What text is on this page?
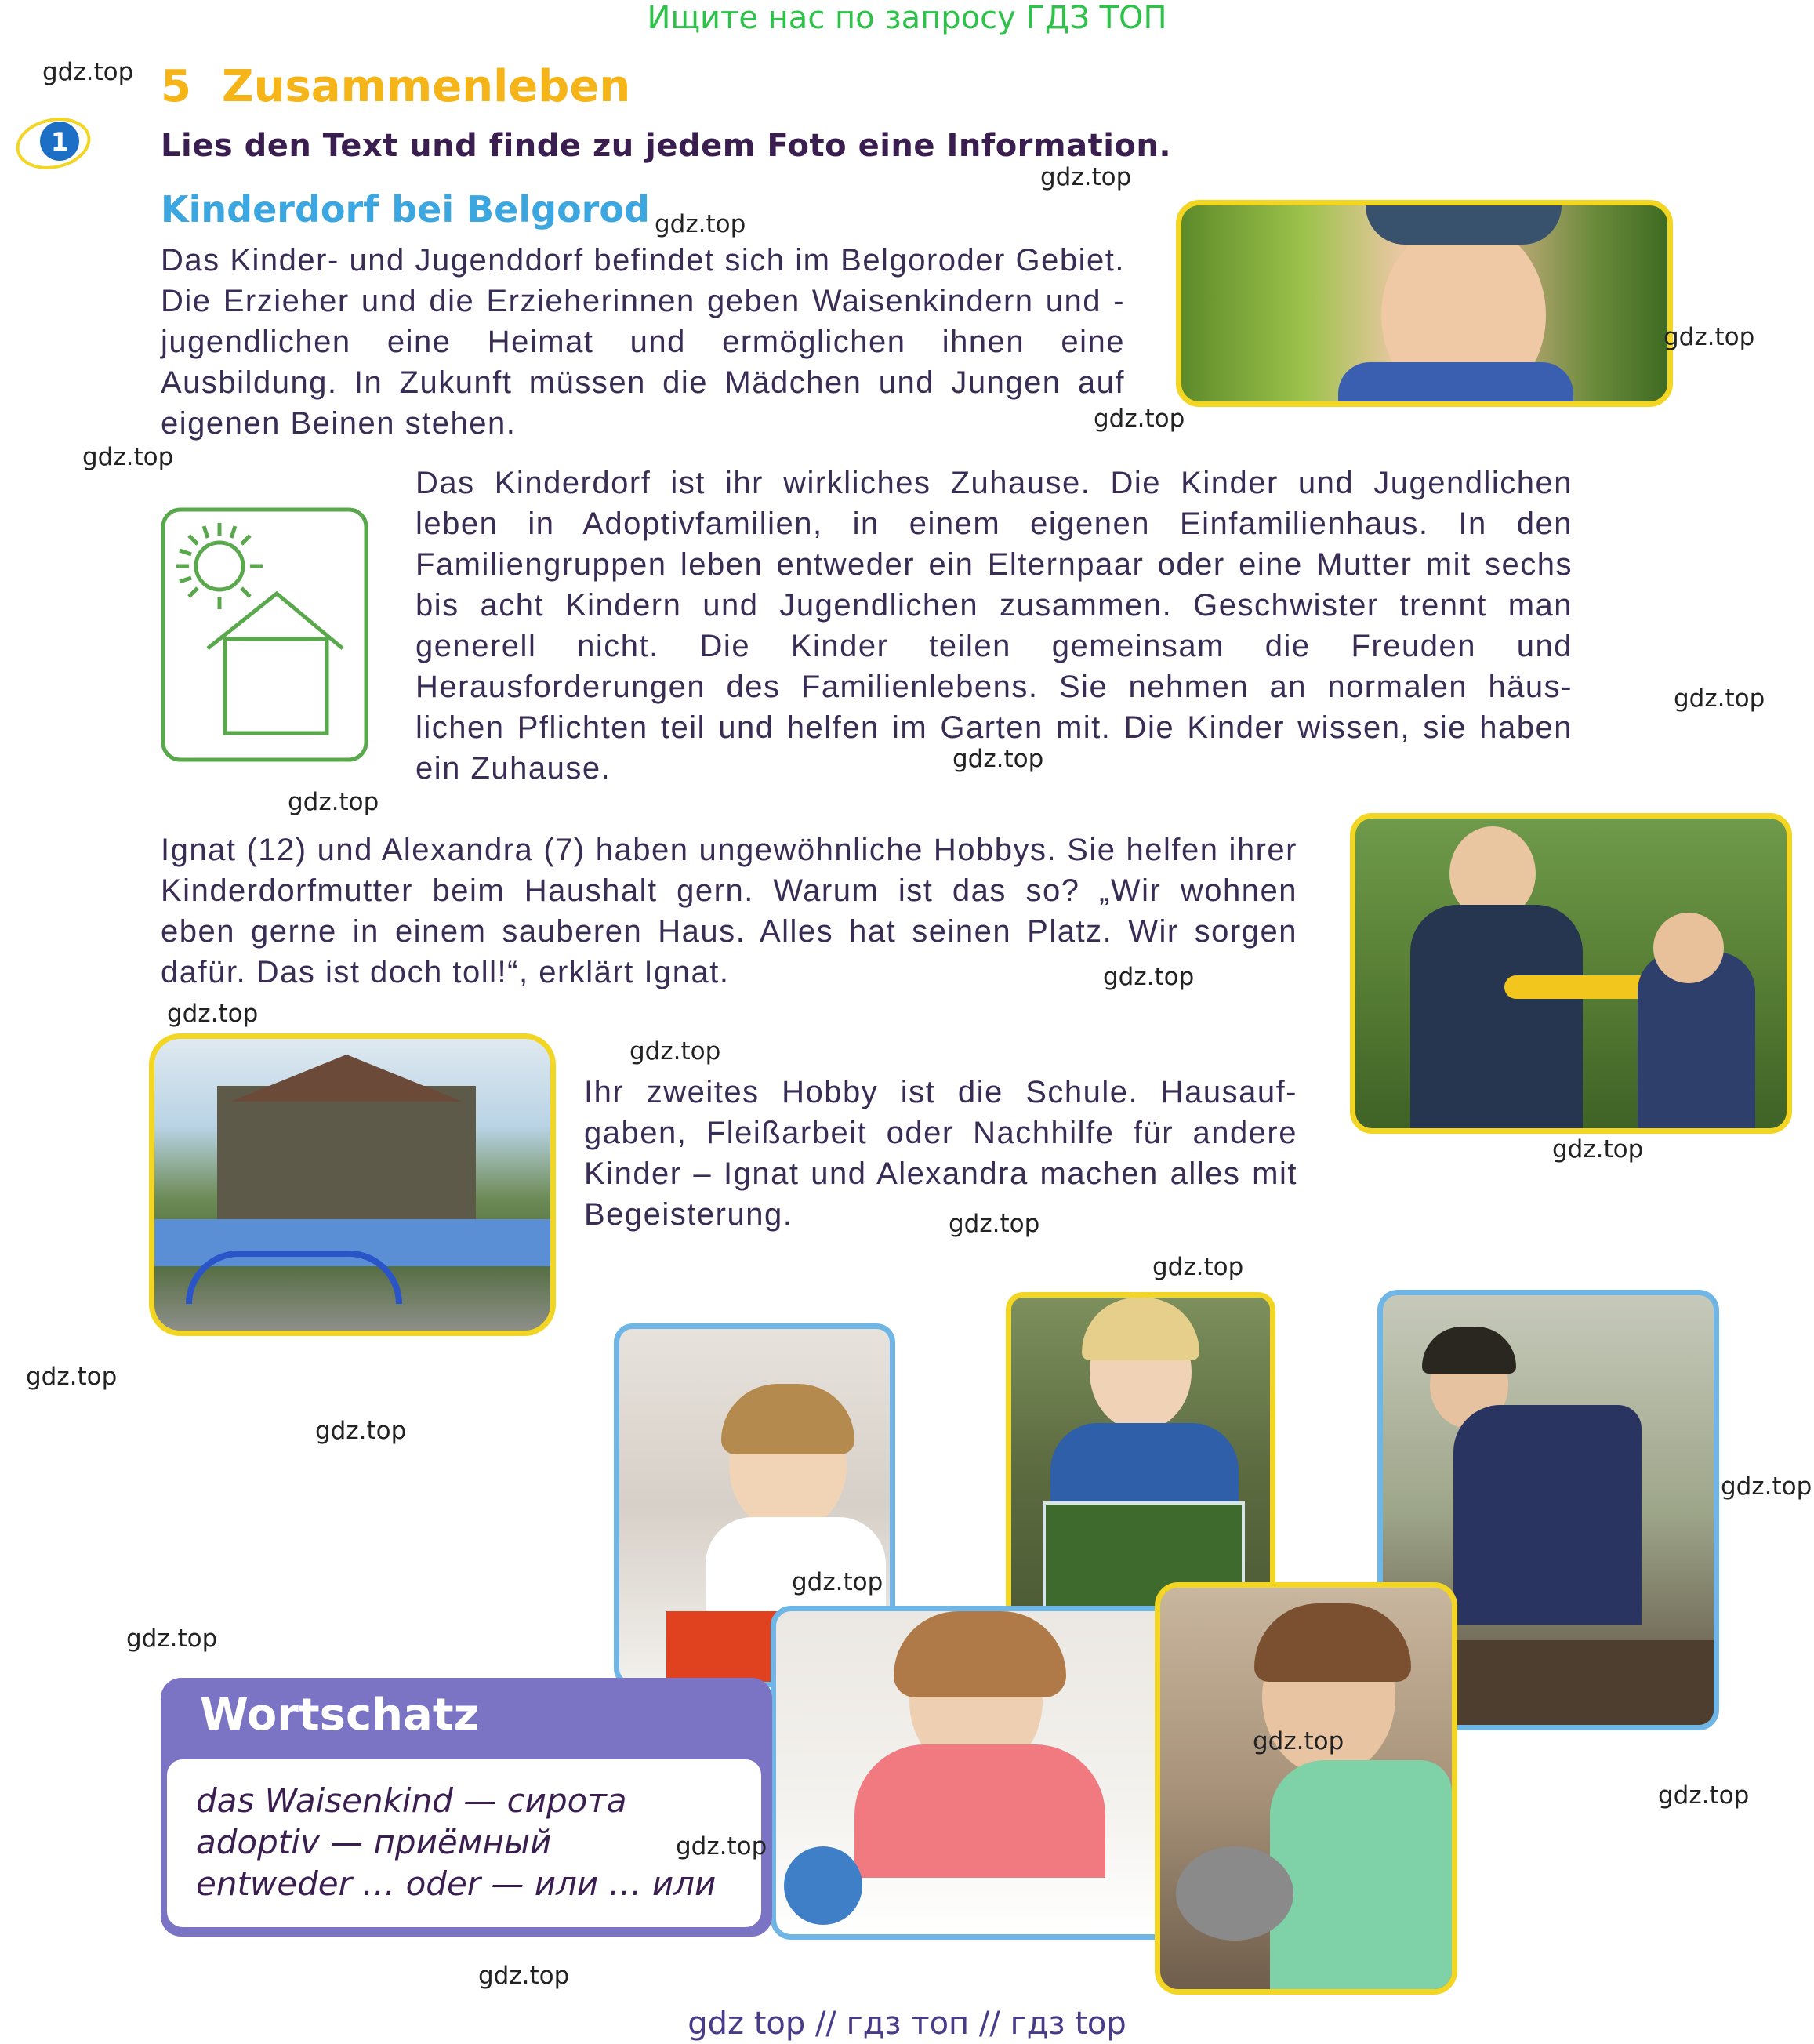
Ищите нас по запросу ГДЗ ТОП
5 Zusammenleben
1	Lies den Text und finde zu jedem Foto eine Information.
Kinderdorf bei Belgorod
Das Kinder- und Jugenddorf befindet sich im Belgoroder Gebiet. Die Erzieher und die Erzieherinnen geben Waisenkindern und -jugendlichen eine Heimat und ermöglichen ihnen eine Ausbildung. In Zukunft müssen die Mädchen und Jungen auf eigenen Beinen stehen.
Das Kinderdorf ist ihr wirkliches Zuhause. Die Kinder und Jugendlichen leben in Adoptivfamilien, in einem eigenen Einfamilienhaus. In den Familiengruppen leben entweder ein Elternpaar oder eine Mutter mit sechs bis acht Kindern und Jugendlichen zusammen. Geschwister trennt man generell nicht. Die Kinder teilen gemeinsam die Freuden und Herausforderungen des Familienlebens. Sie nehmen an normalen häus-lichen Pflichten teil und helfen im Garten mit. Die Kinder wissen, sie haben ein Zuhause.
Ignat (12) und Alexandra (7) haben ungewöhnliche Hobbys. Sie helfen ihrer Kinderdorfmutter beim Haushalt gern. Warum ist das so? „Wir wohnen eben gerne in einem sauberen Haus. Alles hat seinen Platz. Wir sorgen dafür. Das ist doch toll!“, erklärt Ignat.
Ihr zweites Hobby ist die Schule. Hausauf-gaben, Fleißarbeit oder Nachhilfe für andere Kinder – Ignat und Alexandra machen alles mit Begeisterung.
Wortschatz
das Waisenkind — сирота
adoptiv — приёмный
entweder … oder — или … или
gdz.top
gdz.top
gdz.top
gdz.top
gdz.top
gdz.top
gdz.top
gdz.top
gdz.top
gdz.top
gdz.top
gdz.top
gdz.top
gdz.top
gdz.top
gdz.top
gdz.top
gdz.top
gdz.top
gdz.top
gdz.top
gdz.top
gdz.top
gdz.top
gdz top // гдз топ // гдз top
